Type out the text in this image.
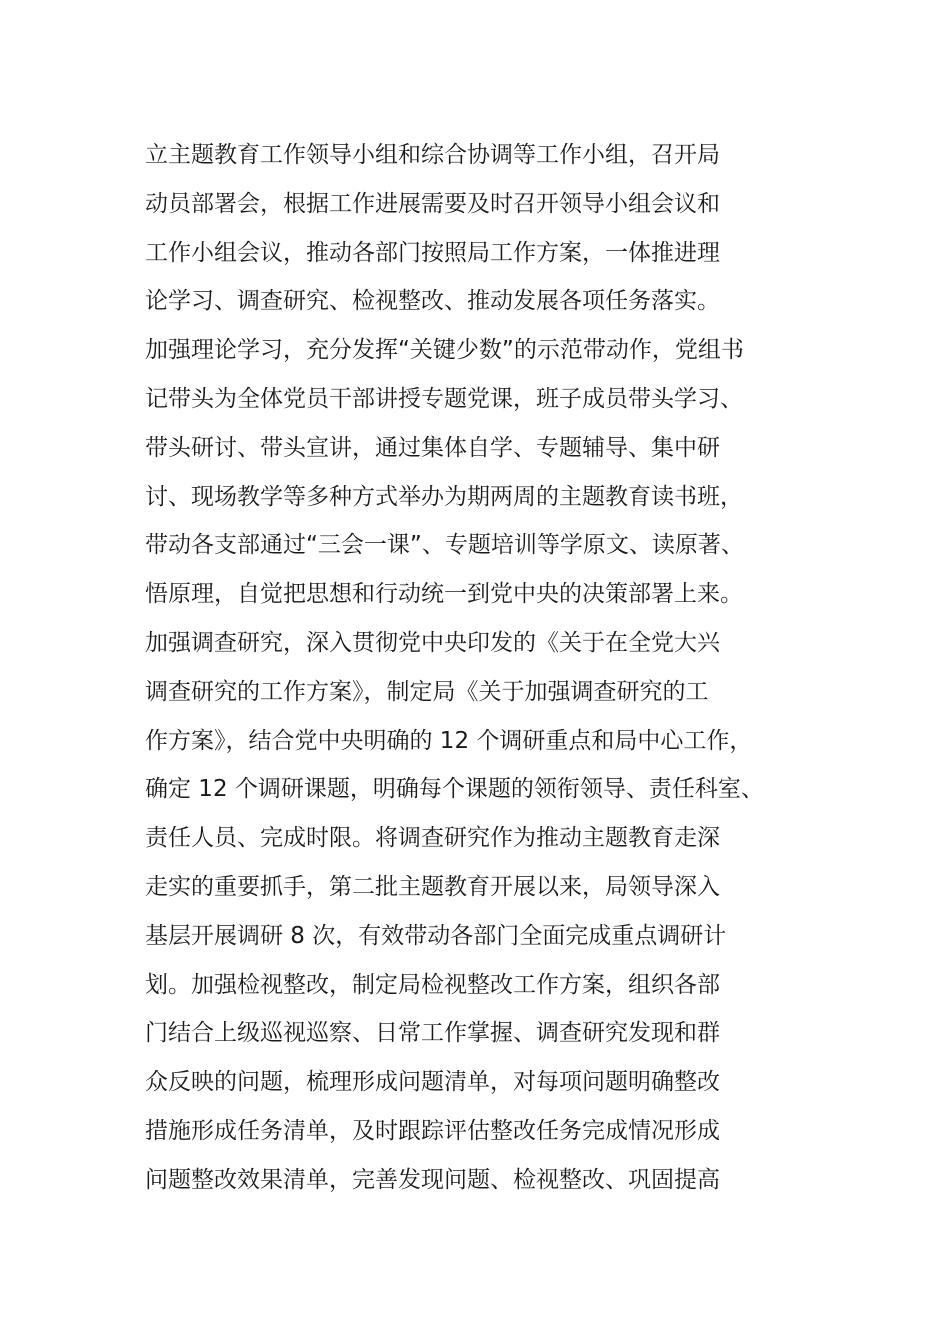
立主题教育工作领导小组和综合协调等工作小组，召开局
动员部署会，根据工作进展需要及时召开领导小组会议和
工作小组会议，推动各部门按照局工作方案，一体推进理
论学习、调查研究、检视整改、推动发展各项任务落实。
加强理论学习，充分发挥“关键少数”的示范带动作，党组书
记带头为全体党员干部讲授专题党课，班子成员带头学习、
带头研讨、带头宣讲，通过集体自学、专题辅导、集中研
讨、现场教学等多种方式举办为期两周的主题教育读书班，
带动各支部通过“三会一课”、专题培训等学原文、读原著、
悟原理，自觉把思想和行动统一到党中央的决策部署上来。
加强调查研究，深入贯彻党中央印发的《关于在全党大兴
调查研究的工作方案》，制定局《关于加强调查研究的工
作方案》，结合党中央明确的 12 个调研重点和局中心工作，
确定 12 个调研课题，明确每个课题的领衔领导、责任科室、
责任人员、完成时限。将调查研究作为推动主题教育走深
走实的重要抓手，第二批主题教育开展以来，局领导深入
基层开展调研 8 次，有效带动各部门全面完成重点调研计
划。加强检视整改，制定局检视整改工作方案，组织各部
门结合上级巡视巡察、日常工作掌握、调查研究发现和群
众反映的问题，梳理形成问题清单，对每项问题明确整改
措施形成任务清单，及时跟踪评估整改任务完成情况形成
问题整改效果清单，完善发现问题、检视整改、巩固提高
